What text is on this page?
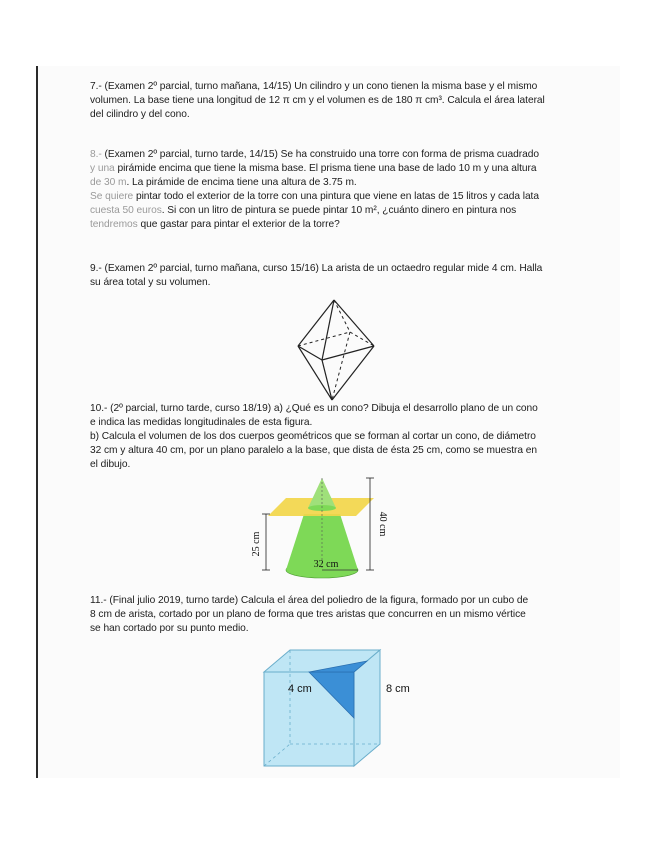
7.- (Examen 2º parcial, turno mañana, 14/15) Un cilindro y un cono tienen la misma base y el mismo

volumen. La base tiene una longitud de 12 π cm y el volumen es de 180 π cm³. Calcula el área lateral

del cilindro y del cono.

8.- (Examen 2º parcial, turno tarde, 14/15) Se ha construido una torre con forma de prisma cuadrado

y una pirámide encima que tiene la misma base. El prisma tiene una base de lado 10 m y una altura

de 30 m. La pirámide de encima tiene una altura de 3.75 m.

Se quiere pintar todo el exterior de la torre con una pintura que viene en latas de 15 litros y cada lata

cuesta 50 euros. Si con un litro de pintura se puede pintar 10 m², ¿cuánto dinero en pintura nos

tendremos que gastar para pintar el exterior de la torre?

9.- (Examen 2º parcial, turno mañana, curso 15/16) La arista de un octaedro regular mide 4 cm. Halla

su área total y su volumen.

10.- (2º parcial, turno tarde, curso 18/19) a) ¿Qué es un cono? Dibuja el desarrollo plano de un cono

e indica las medidas longitudinales de esta figura.

b) Calcula el volumen de los dos cuerpos geométricos que se forman al cortar un cono, de diámetro

32 cm y altura 40 cm, por un plano paralelo a la base, que dista de ésta 25 cm, como se muestra en

el dibujo.

40 cm
25 cm
32 cm

11.- (Final julio 2019, turno tarde) Calcula el área del poliedro de la figura, formado por un cubo de

8 cm de arista, cortado por un plano de forma que tres aristas que concurren en un mismo vértice

se han cortado por su punto medio.

4 cm	8 cm
